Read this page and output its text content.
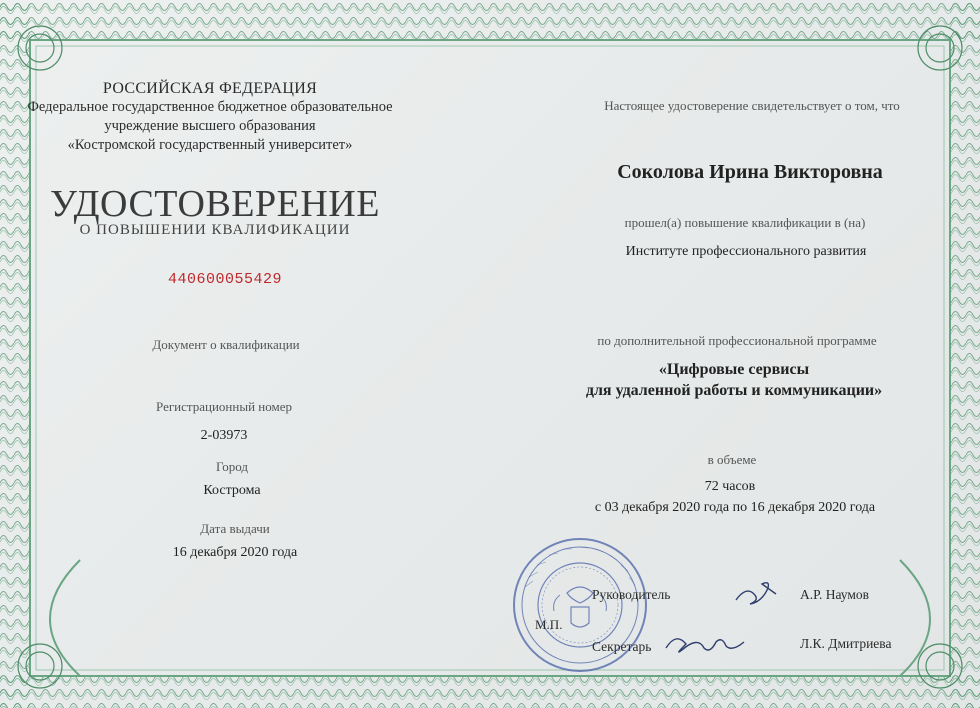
РОССИЙСКАЯ ФЕДЕРАЦИЯ
Федеральное государственное бюджетное образовательное
учреждение высшего образования
«Костромской государственный университет»
УДОСТОВЕРЕНИЕ
О ПОВЫШЕНИИ КВАЛИФИКАЦИИ
440600055429
Документ о квалификации
Регистрационный номер
2-03973
Город
Кострома
Дата выдачи
16 декабря 2020 года
Настоящее удостоверение свидетельствует о том, что
Соколова Ирина Викторовна
прошел(а) повышение квалификации в (на)
Институте профессионального развития
по дополнительной профессиональной программе
«Цифровые сервисы
для удаленной работы и коммуникации»
в объеме
72 часов
с 03 декабря 2020 года по 16 декабря 2020 года
Руководитель	А.Р. Наумов
М.П.
Секретарь	Л.К. Дмитриева
